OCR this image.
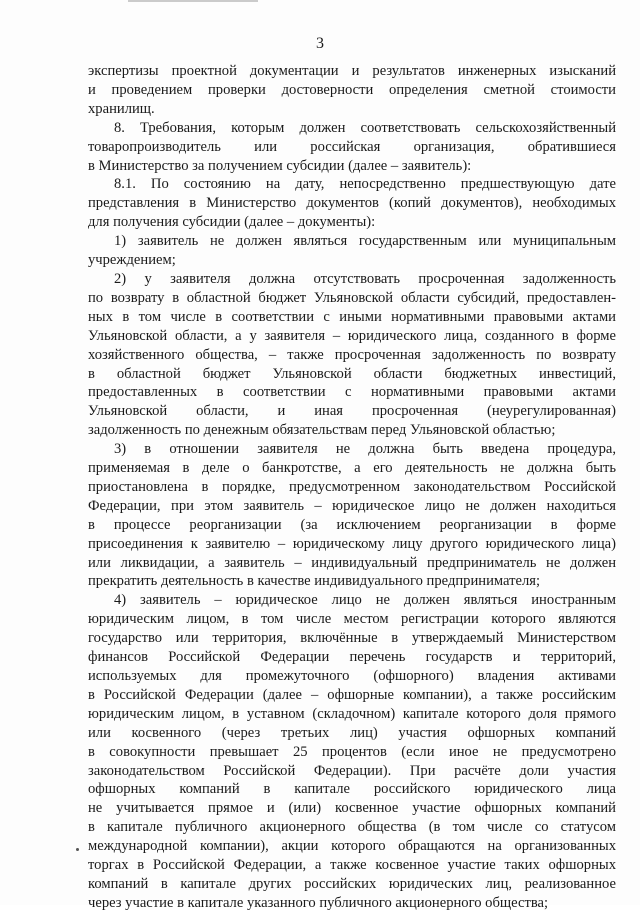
3

экспертизы проектной документации и результатов инженерных изысканий

и проведением проверки достоверности определения сметной стоимости

хранилищ.

8. Требования, которым должен соответствовать сельскохозяйственный

товаропроизводитель или российская организация, обратившиеся

в Министерство за получением субсидии (далее – заявитель):

8.1. По состоянию на дату, непосредственно предшествующую дате

представления в Министерство документов (копий документов), необходимых

для получения субсидии (далее – документы):

1) заявитель не должен являться государственным или муниципальным

учреждением;

2) у заявителя должна отсутствовать просроченная задолженность

по возврату в областной бюджет Ульяновской области субсидий, предоставлен-

ных в том числе в соответствии с иными нормативными правовыми актами

Ульяновской области, а у заявителя – юридического лица, созданного в форме

хозяйственного общества, – также просроченная задолженность по возврату

в областной бюджет Ульяновской области бюджетных инвестиций,

предоставленных в соответствии с нормативными правовыми актами

Ульяновской области, и иная просроченная (неурегулированная)

задолженность по денежным обязательствам перед Ульяновской областью;

3) в отношении заявителя не должна быть введена процедура,

применяемая в деле о банкротстве, а его деятельность не должна быть

приостановлена в порядке, предусмотренном законодательством Российской

Федерации, при этом заявитель – юридическое лицо не должен находиться

в процессе реорганизации (за исключением реорганизации в форме

присоединения к заявителю – юридическому лицу другого юридического лица)

или ликвидации, а заявитель – индивидуальный предприниматель не должен

прекратить деятельность в качестве индивидуального предпринимателя;

4) заявитель – юридическое лицо не должен являться иностранным

юридическим лицом, в том числе местом регистрации которого являются

государство или территория, включённые в утверждаемый Министерством

финансов Российской Федерации перечень государств и территорий,

используемых для промежуточного (офшорного) владения активами

в Российской Федерации (далее – офшорные компании), а также российским

юридическим лицом, в уставном (складочном) капитале которого доля прямого

или косвенного (через третьих лиц) участия офшорных компаний

в совокупности превышает 25 процентов (если иное не предусмотрено

законодательством Российской Федерации). При расчёте доли участия

офшорных компаний в капитале российского юридического лица

не учитывается прямое и (или) косвенное участие офшорных компаний

в капитале публичного акционерного общества (в том числе со статусом

международной компании), акции которого обращаются на организованных

торгах в Российской Федерации, а также косвенное участие таких офшорных

компаний в капитале других российских юридических лиц, реализованное

через участие в капитале указанного публичного акционерного общества;
